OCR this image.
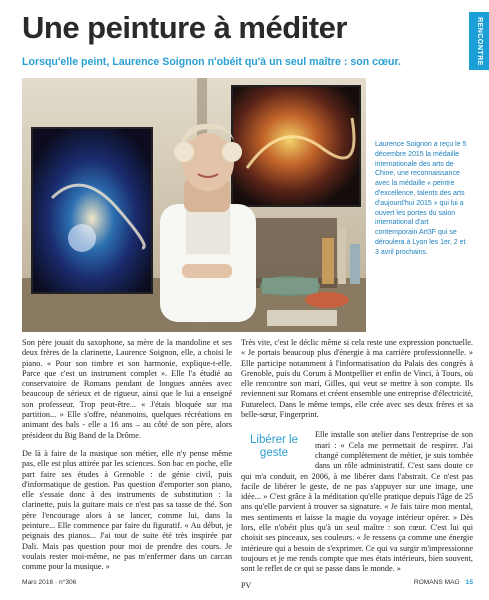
RENCONTRE
Une peinture à méditer
Lorsqu'elle peint, Laurence Soignon n'obéit qu'à un seul maître : son cœur.
Laurence Soignon a reçu le 5 décembre 2015 la médaille internationale des arts de Chine, une reconnaissance avec la médaille « peintre d'excellence, talents des arts d'aujourd'hui 2015 » qui lui a ouvert les portes du salon international d'art contemporain Art3F qui se déroulera à Lyon les 1er, 2 et 3 avril prochains.

Son père jouait du saxophone, sa mère de la mandoline et ses deux frères de la clarinette, Laurence Soignon, elle, a choisi le piano. « Pour son timbre et son harmonie, explique-t-elle. Parce que c'est un instrument complet ». Elle l'a étudié au conservatoire de Romans pendant de longues années avec beaucoup de sérieux et de rigueur, ainsi que le lui a enseigné son professeur. Trop peut-être... « J'étais bloquée sur ma partition... » Elle s'offre, néanmoins, quelques récréations en animant des bals - elle a 16 ans – au côté de son père, alors président du Big Band de la Drôme.

De là à faire de la musique son métier, elle n'y pense même pas, elle est plus attirée par les sciences. Son bac en poche, elle part faire ses études à Grenoble : de génie civil, puis d'informatique de gestion. Pas question d'emporter son piano, elle s'essaie donc à des instruments de substitution : la clarinette, puis la guitare mais ce n'est pas sa tasse de thé. Son père l'encourage alors à se lancer, comme lui, dans la peinture... Elle commence par faire du figuratif. « Au début, je peignais des pianos... J'ai tout de suite été très inspirée par Dali. Mais pas question pour moi de prendre des cours. Je voulais rester moi-même, ne pas m'enfermer dans un carcan comme pour la musique. »

Très vite, c'est le déclic même si cela reste une expression ponctuelle. « Je portais beaucoup plus d'énergie à ma carrière professionnelle. » Elle participe notamment à l'informatisation du Palais des congrès à Grenoble, puis du Corum à Montpellier et enfin de Vinci, à Tours, où elle rencontre son mari, Gilles, qui veut se mettre à son compte. Ils reviennent sur Romans et créent ensemble une entreprise d'électricité, Futurelect. Dans le même temps, elle crée avec ses deux frères et sa belle-sœur, Fingerprint.

Libérer le geste

Elle installe son atelier dans l'entreprise de son mari : « Cela me permettait de respirer. J'ai changé complètement de métier, je suis tombée dans un rôle administratif. C'est sans doute ce qui m'a conduit, en 2006, à me libérer dans l'abstrait. Ce n'est pas facile de libérer le geste, de ne pas s'appuyer sur une image, une idée... » C'est grâce à la méditation qu'elle pratique depuis l'âge de 25 ans qu'elle parvient à trouver sa signature. « Je fais taire mon mental, mes sentiments et laisse la magie du voyage intérieur opérer. » Dès lors, elle n'obéit plus qu'à un seul maître : son cœur. C'est lui qui choisit ses pinceaux, ses couleurs. « Je ressens ça comme une énergie intérieure qui a besoin de s'exprimer. Ce qui va surgir m'impressionne toujours et je me rends compte que mes états intérieurs, bien souvent, sont le reflet de ce qui se passe dans le monde. »

PV
Mars 2016 · n°306	ROMANS MAG 15
